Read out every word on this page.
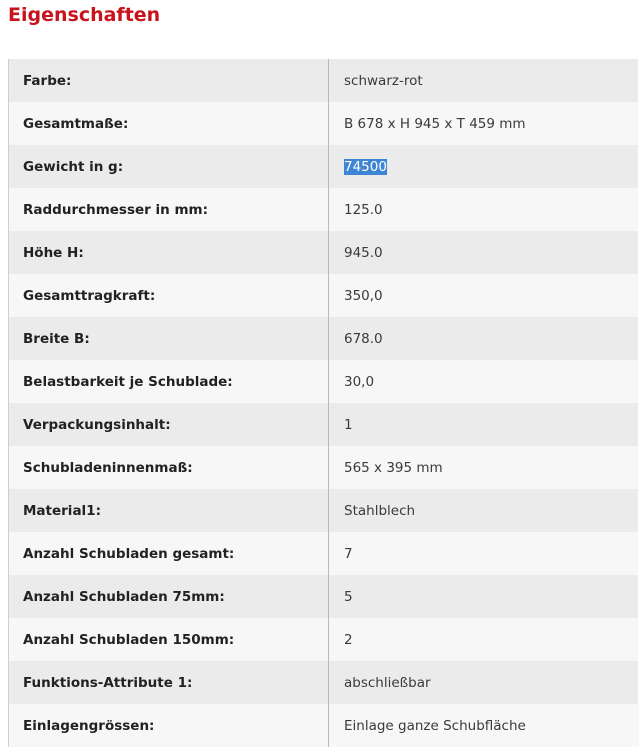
Eigenschaften
Farbe:	schwarz-rot
Gesamtmaße:	B 678 x H 945 x T 459 mm
Gewicht in g:	74500
Raddurchmesser in mm:	125.0
Höhe H:	945.0
Gesamttragkraft:	350,0
Breite B:	678.0
Belastbarkeit je Schublade:	30,0
Verpackungsinhalt:	1
Schubladeninnenmaß:	565 x 395 mm
Material1:	Stahlblech
Anzahl Schubladen gesamt:	7
Anzahl Schubladen 75mm:	5
Anzahl Schubladen 150mm:	2
Funktions-Attribute 1:	abschließbar
Einlagengrössen:	Einlage ganze Schubfläche
